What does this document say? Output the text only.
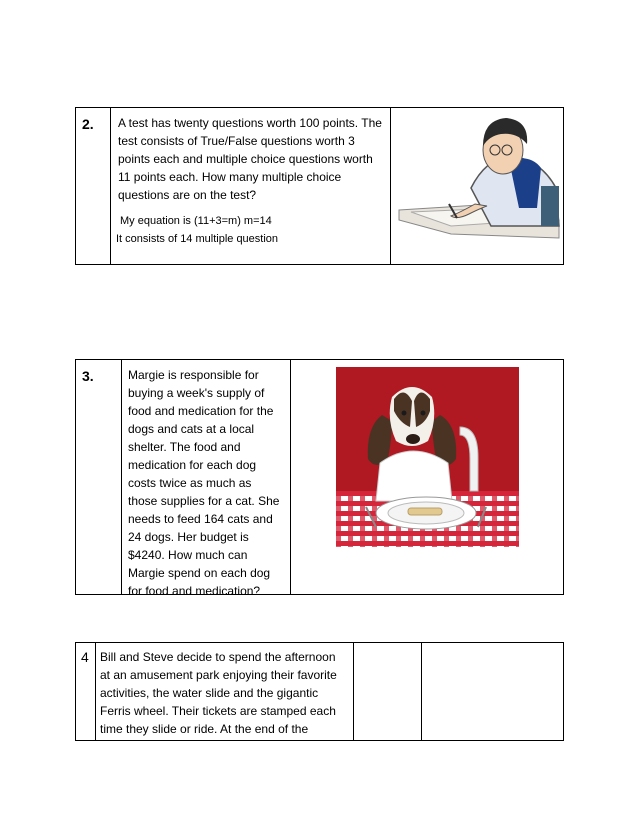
2. A test has twenty questions worth 100 points. The
test consists of True/False questions worth 3
points each and multiple choice questions worth
11 points each. How many multiple choice
questions are on the test?
My equation is (11+3=m) m=14
It consists of 14 multiple question
3.	Margie is responsible for
buying a week's supply of
food and medication for the
dogs and cats at a local
shelter. The food and
medication for each dog
costs twice as much as
those supplies for a cat. She
needs to feed 164 cats and
24 dogs. Her budget is
$4240. How much can
Margie spend on each dog
for food and medication?
4 Bill and Steve decide to spend the afternoon
at an amusement park enjoying their favorite
activities, the water slide and the gigantic
Ferris wheel. Their tickets are stamped each
time they slide or ride. At the end of the
